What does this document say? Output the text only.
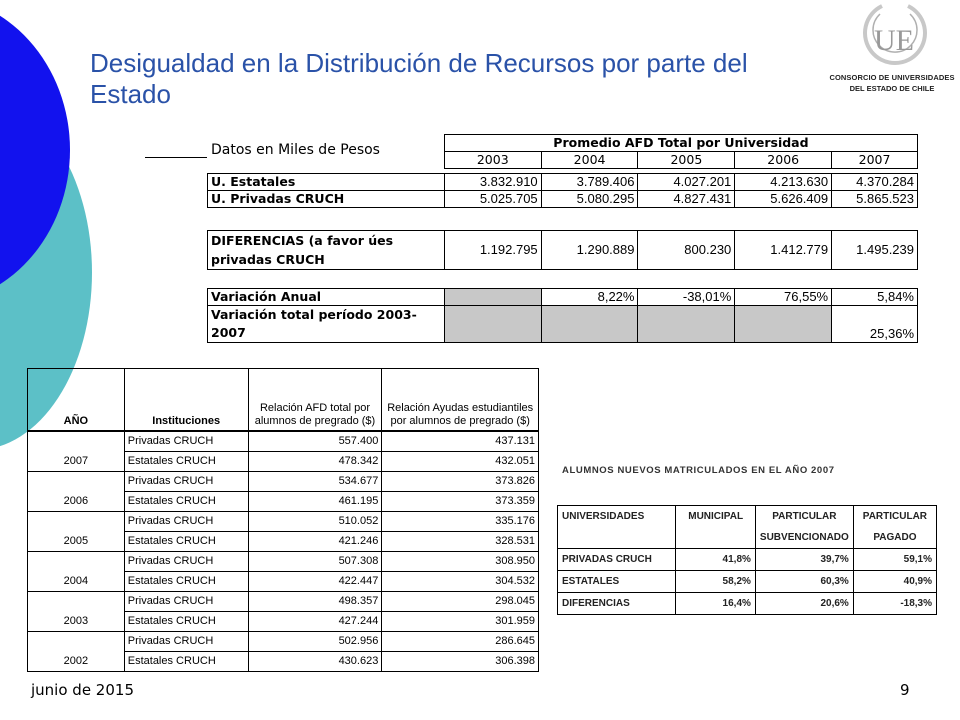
Desigualdad en la Distribución de Recursos por parte del Estado
UE
CONSORCIO DE UNIVERSIDADES
DEL ESTADO DE CHILE
Datos en Miles de Pesos
		Promedio AFD Total por Universidad				
	2003	2004	2005	2006	2007

U. Estatales	3.832.910	3.789.406	4.027.201	4.213.630	4.370.284
U. Privadas CRUCH	5.025.705	5.080.295	4.827.431	5.626.409	5.865.523

DIFERENCIAS (a favor úes
privadas CRUCH	1.192.795	1.290.889	800.230	1.412.779	1.495.239

Variación Anual		8,22%	-38,01%	76,55%	5,84%

Variación total período 2003-
2007					25,36%
AÑO	Instituciones	Relación AFD total por alumnos de pregrado ($)	Relación Ayudas estudiantiles por alumnos de pregrado ($)
2007	Privadas CRUCH	557.400	437.131
	Estatales CRUCH	478.342	432.051
2006	Privadas CRUCH	534.677	373.826
	Estatales CRUCH	461.195	373.359
2005	Privadas CRUCH	510.052	335.176
	Estatales CRUCH	421.246	328.531
2004	Privadas CRUCH	507.308	308.950
	Estatales CRUCH	422.447	304.532
2003	Privadas CRUCH	498.357	298.045
	Estatales CRUCH	427.244	301.959
2002	Privadas CRUCH	502.956	286.645
	Estatales CRUCH	430.623	306.398
ALUMNOS NUEVOS MATRICULADOS EN EL AÑO 2007
UNIVERSIDADES	MUNICIPAL	PARTICULAR	PARTICULAR
		SUBVENCIONADO	PAGADO
PRIVADAS CRUCH	41,8%	39,7%	59,1%
ESTATALES	58,2%	60,3%	40,9%
DIFERENCIAS	16,4%	20,6%	-18,3%
junio de 2015	9
